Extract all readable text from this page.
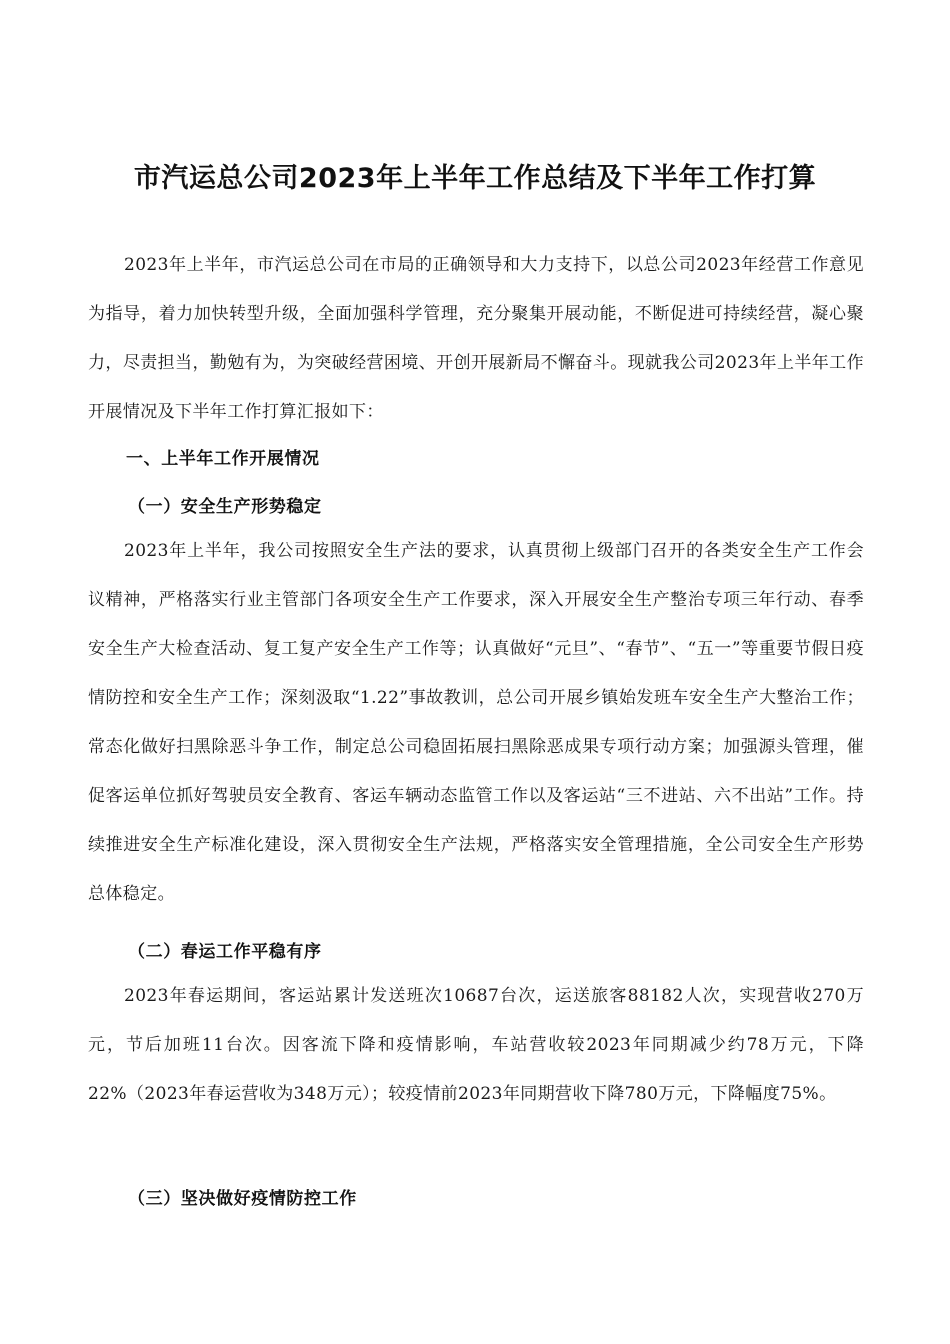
市汽运总公司2023年上半年工作总结及下半年工作打算

2023年上半年，市汽运总公司在市局的正确领导和大力支持下，以总公司2023年经营工作意见为指导，着力加快转型升级，全面加强科学管理，充分聚集开展动能，不断促进可持续经营，凝心聚力，尽责担当，勤勉有为，为突破经营困境、开创开展新局不懈奋斗。现就我公司2023年上半年工作开展情况及下半年工作打算汇报如下：

一、上半年工作开展情况

（一）安全生产形势稳定

2023年上半年，我公司按照安全生产法的要求，认真贯彻上级部门召开的各类安全生产工作会议精神，严格落实行业主管部门各项安全生产工作要求，深入开展安全生产整治专项三年行动、春季安全生产大检查活动、复工复产安全生产工作等；认真做好“元旦”、“春节”、“五一”等重要节假日疫情防控和安全生产工作；深刻汲取“1.22”事故教训，总公司开展乡镇始发班车安全生产大整治工作；常态化做好扫黑除恶斗争工作，制定总公司稳固拓展扫黑除恶成果专项行动方案；加强源头管理，催促客运单位抓好驾驶员安全教育、客运车辆动态监管工作以及客运站“三不进站、六不出站”工作。持续推进安全生产标准化建设，深入贯彻安全生产法规，严格落实安全管理措施，全公司安全生产形势总体稳定。

（二）春运工作平稳有序

2023年春运期间，客运站累计发送班次10687台次，运送旅客88182人次，实现营收270万元，节后加班11台次。因客流下降和疫情影响，车站营收较2023年同期减少约78万元，下降22%（2023年春运营收为348万元）；较疫情前2023年同期营收下降780万元，下降幅度75%。

（三）坚决做好疫情防控工作
